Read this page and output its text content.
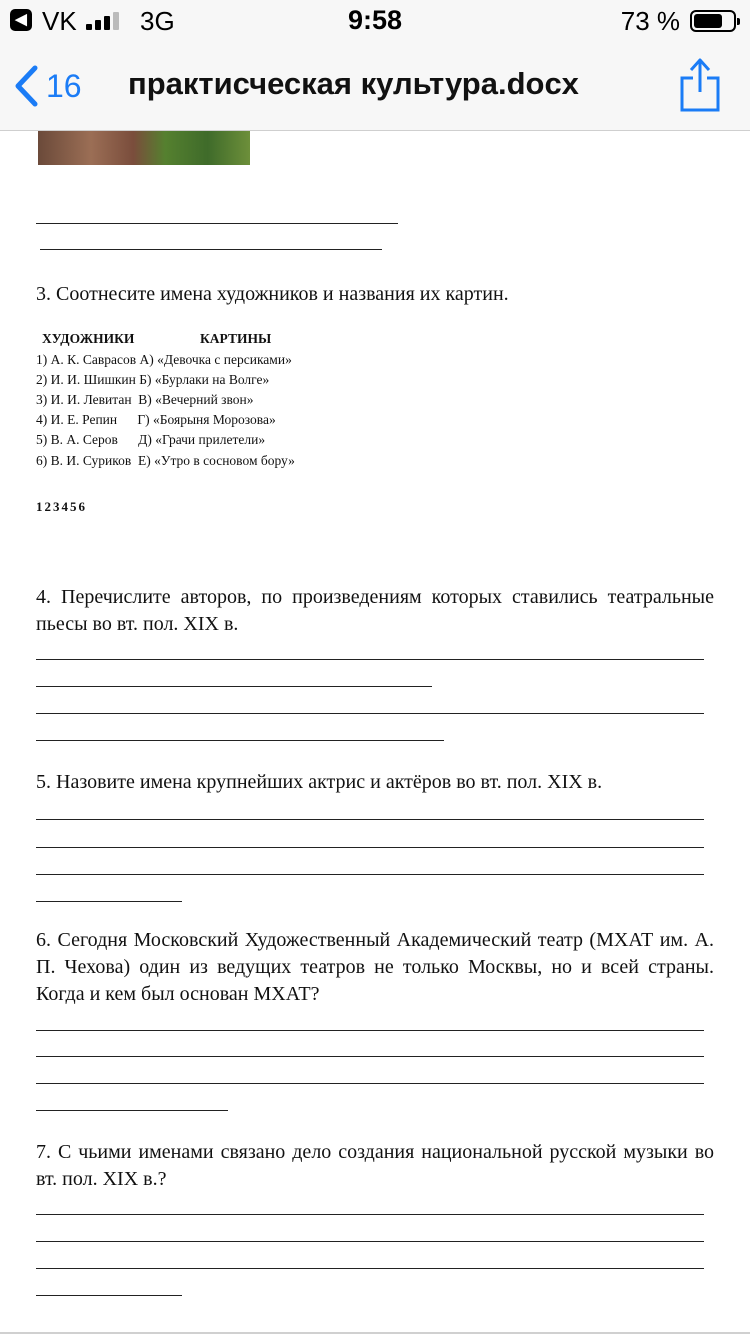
◀ VK 3G	9:58	73 %
16 практисческая культура.docx
3. Соотнесите имена художников и названия их картин.
ХУДОЖНИКИ	КАРТИНЫ
1) А. К. Саврасов А) «Девочка с персиками»
2) И. И. Шишкин Б) «Бурлаки на Волге»
3) И. И. Левитан  В) «Вечерний звон»
4) И. Е. Репин      Г) «Боярыня Морозова»
5) В. А. Серов      Д) «Грачи прилетели»
6) В. И. Суриков  Е) «Утро в сосновом бору»
123456
4. Перечислите авторов, по произведениям которых ставились театральные пьесы во вт. пол. XIX в.
5. Назовите имена крупнейших актрис и актёров во вт. пол. XIX в.
6. Сегодня Московский Художественный Академический театр (МХАТ им. А. П. Чехова) один из ведущих театров не только Москвы, но и всей страны. Когда и кем был основан МХАТ?
7. С чьими именами связано дело создания национальной русской музыки во вт. пол. XIX в.?
